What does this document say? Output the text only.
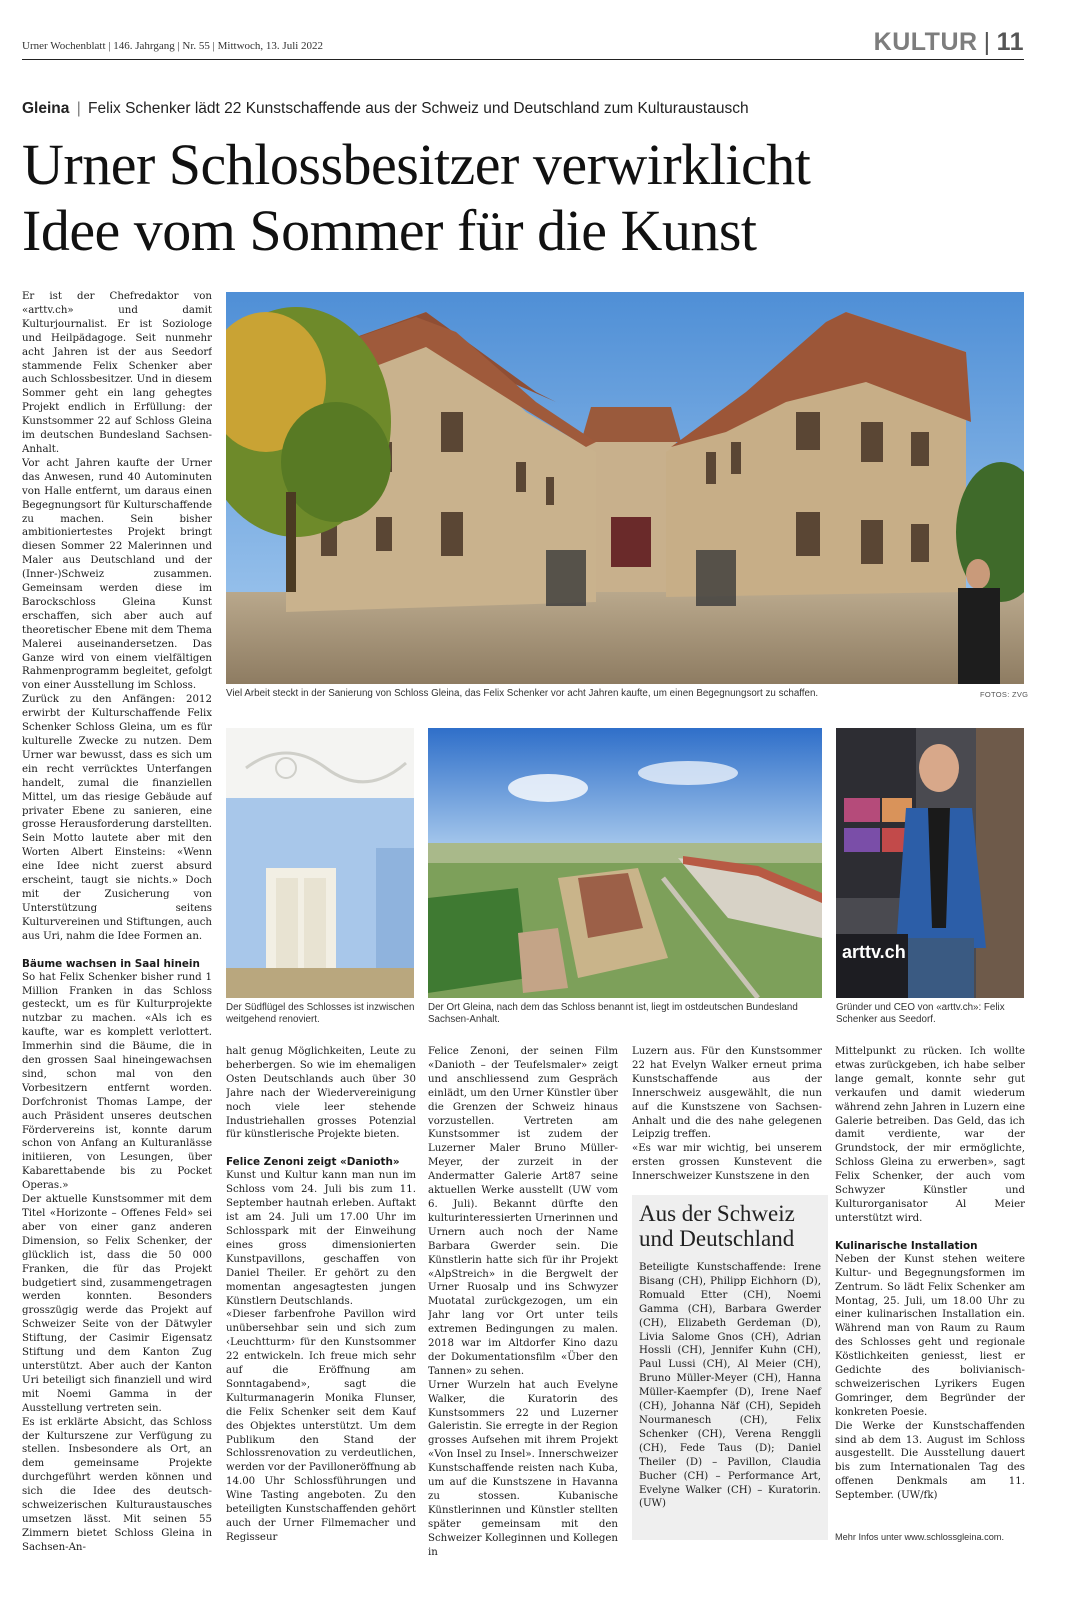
Urner Wochenblatt | 146. Jahrgang | Nr. 55 | Mittwoch, 13. Juli 2022	KULTUR | 11
Gleina | Felix Schenker lädt 22 Kunstschaffende aus der Schweiz und Deutschland zum Kulturaustausch
Urner Schlossbesitzer verwirklicht
Idee vom Sommer für die Kunst
Viel Arbeit steckt in der Sanierung von Schloss Gleina, das Felix Schenker vor acht Jahren kaufte, um einen Begegnungsort zu schaffen.	FOTOS: ZVG
Der Südflügel des Schlosses ist inzwischen weitgehend renoviert.
Der Ort Gleina, nach dem das Schloss benannt ist, liegt im ostdeutschen Bundesland Sachsen-Anhalt.
arttv.ch
Gründer und CEO von «arttv.ch»: Felix Schenker aus Seedorf.

Er ist der Chefredaktor von «arttv.ch» und damit Kulturjournalist. Er ist Soziologe und Heilpädagoge. Seit nunmehr acht Jahren ist der aus Seedorf stammende Felix Schenker aber auch Schlossbesitzer. Und in diesem Sommer geht ein lang gehegtes Projekt endlich in Erfüllung: der Kunstsommer 22 auf Schloss Gleina im deutschen Bundesland Sachsen-Anhalt.

Vor acht Jahren kaufte der Urner das Anwesen, rund 40 Autominuten von Halle entfernt, um daraus einen Begegnungsort für Kulturschaffende zu machen. Sein bisher ambitioniertestes Projekt bringt diesen Sommer 22 Malerinnen und Maler aus Deutschland und der (Inner-)Schweiz zusammen. Gemeinsam werden diese im Barockschloss Gleina Kunst erschaffen, sich aber auch auf theoretischer Ebene mit dem Thema Malerei auseinandersetzen. Das Ganze wird von einem vielfältigen Rahmenprogramm begleitet, gefolgt von einer Ausstellung im Schloss.

Zurück zu den Anfängen: 2012 erwirbt der Kulturschaffende Felix Schenker Schloss Gleina, um es für kulturelle Zwecke zu nutzen. Dem Urner war bewusst, dass es sich um ein recht verrücktes Unterfangen handelt, zumal die finanziellen Mittel, um das riesige Gebäude auf privater Ebene zu sanieren, eine grosse Herausforderung darstellten. Sein Motto lautete aber mit den Worten Albert Einsteins: «Wenn eine Idee nicht zuerst absurd erscheint, taugt sie nichts.» Doch mit der Zusicherung von Unterstützung seitens Kulturvereinen und Stiftungen, auch aus Uri, nahm die Idee Formen an.

Bäume wachsen in Saal hinein

So hat Felix Schenker bisher rund 1 Million Franken in das Schloss gesteckt, um es für Kulturprojekte nutzbar zu machen. «Als ich es kaufte, war es komplett verlottert. Immerhin sind die Bäume, die in den grossen Saal hineingewachsen sind, schon mal von den Vorbesitzern entfernt worden. Dorfchronist Thomas Lampe, der auch Präsident unseres deutschen Fördervereins ist, konnte darum schon von Anfang an Kulturanlässe initiieren, von Lesungen, über Kabarettabende bis zu Pocket Operas.»

Der aktuelle Kunstsommer mit dem Titel «Horizonte – Offenes Feld» sei aber von einer ganz anderen Dimension, so Felix Schenker, der glücklich ist, dass die 50 000 Franken, die für das Projekt budgetiert sind, zusammengetragen werden konnten. Besonders grosszügig werde das Projekt auf Schweizer Seite von der Dätwyler Stiftung, der Casimir Eigensatz Stiftung und dem Kanton Zug unterstützt. Aber auch der Kanton Uri beteiligt sich finanziell und wird mit Noemi Gamma in der Ausstellung vertreten sein.

Es ist erklärte Absicht, das Schloss der Kulturszene zur Verfügung zu stellen. Insbesondere als Ort, an dem gemeinsame Projekte durchgeführt werden können und sich die Idee des deutsch-schweizerischen Kulturaustausches umsetzen lässt. Mit seinen 55 Zimmern bietet Schloss Gleina in Sachsen-An-

halt genug Möglichkeiten, Leute zu beherbergen. So wie im ehemaligen Osten Deutschlands auch über 30 Jahre nach der Wiedervereinigung noch viele leer stehende Industriehallen grosses Potenzial für künstlerische Projekte bieten.

Felice Zenoni zeigt «Danioth»

Kunst und Kultur kann man nun im Schloss vom 24. Juli bis zum 11. September hautnah erleben. Auftakt ist am 24. Juli um 17.00 Uhr im Schlosspark mit der Einweihung eines gross dimensionierten Kunstpavillons, geschaffen von Daniel Theiler. Er gehört zu den momentan angesagtesten jungen Künstlern Deutschlands.

«Dieser farbenfrohe Pavillon wird unübersehbar sein und sich zum ‹Leuchtturm› für den Kunstsommer 22 entwickeln. Ich freue mich sehr auf die Eröffnung am Sonntagabend», sagt die Kulturmanagerin Monika Flunser, die Felix Schenker seit dem Kauf des Objektes unterstützt. Um dem Publikum den Stand der Schlossrenovation zu verdeutlichen, werden vor der Pavilloneröffnung ab 14.00 Uhr Schlossführungen und Wine Tasting angeboten. Zu den beteiligten Kunstschaffenden gehört auch der Urner Filmemacher und Regisseur

Felice Zenoni, der seinen Film «Danioth – der Teufelsmaler» zeigt und anschliessend zum Gespräch einlädt, um den Urner Künstler über die Grenzen der Schweiz hinaus vorzustellen. Vertreten am Kunstsommer ist zudem der Luzerner Maler Bruno Müller-Meyer, der zurzeit in der Andermatter Galerie Art87 seine aktuellen Werke ausstellt (UW vom 6. Juli). Bekannt dürfte den kulturinteressierten Urnerinnen und Urnern auch noch der Name Barbara Gwerder sein. Die Künstlerin hatte sich für ihr Projekt «AlpStreich» in die Bergwelt der Urner Ruosalp und ins Schwyzer Muotatal zurückgezogen, um ein Jahr lang vor Ort unter teils extremen Bedingungen zu malen. 2018 war im Altdorfer Kino dazu der Dokumentationsfilm «Über den Tannen» zu sehen.

Urner Wurzeln hat auch Evelyne Walker, die Kuratorin des Kunstsommers 22 und Luzerner Galeristin. Sie erregte in der Region grosses Aufsehen mit ihrem Projekt «Von Insel zu Insel». Innerschweizer Kunstschaffende reisten nach Kuba, um auf die Kunstszene in Havanna zu stossen. Kubanische Künstlerinnen und Künstler stellten später gemeinsam mit den Schweizer Kolleginnen und Kollegen in

Luzern aus. Für den Kunstsommer 22 hat Evelyn Walker erneut prima Kunstschaffende aus der Innerschweiz ausgewählt, die nun auf die Kunstszene von Sachsen-Anhalt und die des nahe gelegenen Leipzig treffen.

«Es war mir wichtig, bei unserem ersten grossen Kunstevent die Innerschweizer Kunstszene in den

Aus der Schweiz und Deutschland

Beteiligte Kunstschaffende: Irene Bisang (CH), Philipp Eichhorn (D), Romuald Etter (CH), Noemi Gamma (CH), Barbara Gwerder (CH), Elizabeth Gerdeman (D), Livia Salome Gnos (CH), Adrian Hossli (CH), Jennifer Kuhn (CH), Paul Lussi (CH), Al Meier (CH), Bruno Müller-Meyer (CH), Hanna Müller-Kaempfer (D), Irene Naef (CH), Johanna Näf (CH), Sepideh Nourmanesch (CH), Felix Schenker (CH), Verena Renggli (CH), Fede Taus (D); Daniel Theiler (D) – Pavillon, Claudia Bucher (CH) – Performance Art, Evelyne Walker (CH) – Kuratorin. (UW)

Mittelpunkt zu rücken. Ich wollte etwas zurückgeben, ich habe selber lange gemalt, konnte sehr gut verkaufen und damit wiederum während zehn Jahren in Luzern eine Galerie betreiben. Das Geld, das ich damit verdiente, war der Grundstock, der mir ermöglichte, Schloss Gleina zu erwerben», sagt Felix Schenker, der auch vom Schwyzer Künstler und Kulturorganisator Al Meier unterstützt wird.

Kulinarische Installation

Neben der Kunst stehen weitere Kultur- und Begegnungsformen im Zentrum. So lädt Felix Schenker am Montag, 25. Juli, um 18.00 Uhr zu einer kulinarischen Installation ein. Während man von Raum zu Raum des Schlosses geht und regionale Köstlichkeiten geniesst, liest er Gedichte des bolivianisch-schweizerischen Lyrikers Eugen Gomringer, dem Begründer der konkreten Poesie.

Die Werke der Kunstschaffenden sind ab dem 13. August im Schloss ausgestellt. Die Ausstellung dauert bis zum Internationalen Tag des offenen Denkmals am 11. September. (UW/fk)

Mehr Infos unter www.schlossgleina.com.
